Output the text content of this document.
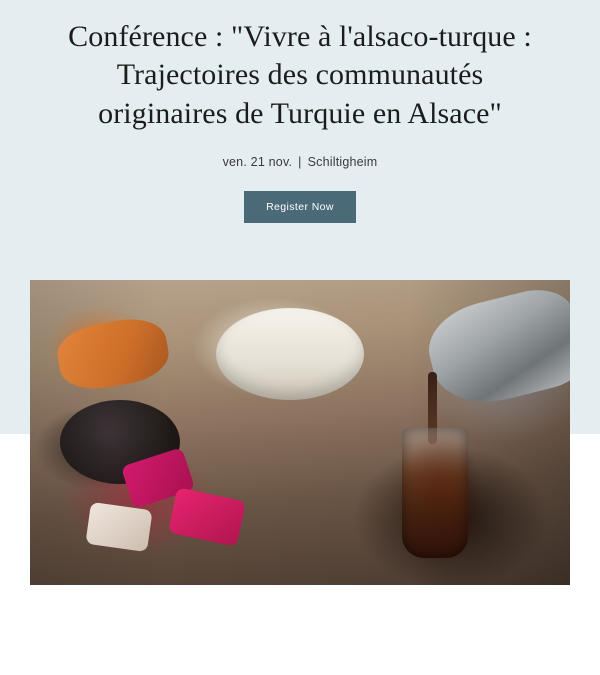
Conférence : "Vivre à l'alsaco-turque : Trajectoires des communautés originaires de Turquie en Alsace"
ven. 21 nov. | Schiltigheim
Register Now
